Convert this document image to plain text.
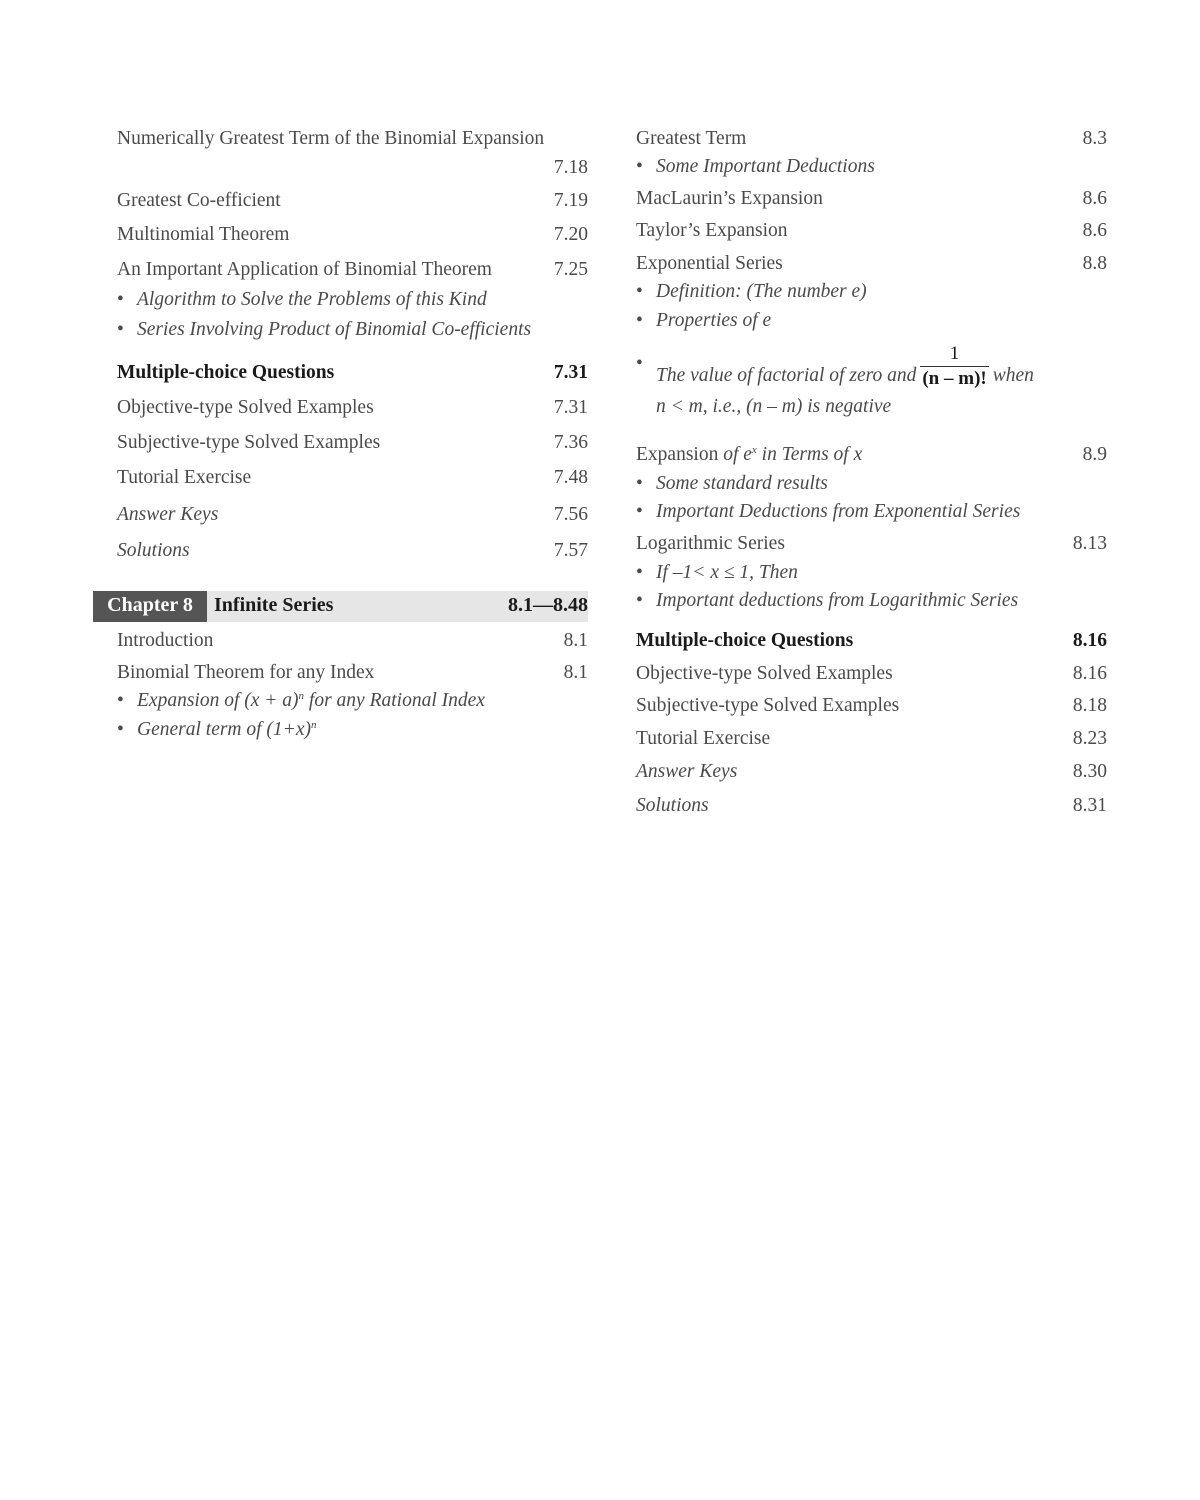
Numerically Greatest Term of the Binomial Expansion
7.18
Greatest Co-efficient	7.19
Multinomial Theorem	7.20
An Important Application of Binomial Theorem	7.25
• Algorithm to Solve the Problems of this Kind
• Series Involving Product of Binomial Co-efficients
Multiple-choice Questions	7.31
Objective-type Solved Examples	7.31
Subjective-type Solved Examples	7.36
Tutorial Exercise	7.48
Answer Keys	7.56
Solutions	7.57
Introduction	8.1
Binomial Theorem for any Index	8.1
• Expansion of $(x + a)^n$ for any Rational Index
• General term of $(1+x)^n$
Chapter 8	Infinite Series	8.1—8.48
Greatest Term	8.3
• Some Important Deductions
MacLaurin’s Expansion	8.6
Taylor’s Expansion	8.6
Exponential Series	8.8
• Definition: (The number e)
• Properties of e
•
The value of factorial of zero and $\frac{1}{(n - m)!}$ when
n < m, i.e., (n – m) is negative
Expansion of $e^x$ in Terms of x	8.9
• Some standard results
• Important Deductions from Exponential Series
Logarithmic Series	8.13
• If –1< x ≤ 1, Then
• Important deductions from Logarithmic Series
Multiple-choice Questions	8.16
Objective-type Solved Examples	8.16
Subjective-type Solved Examples	8.18
Tutorial Exercise	8.23
Answer Keys	8.30
Solutions	8.31
